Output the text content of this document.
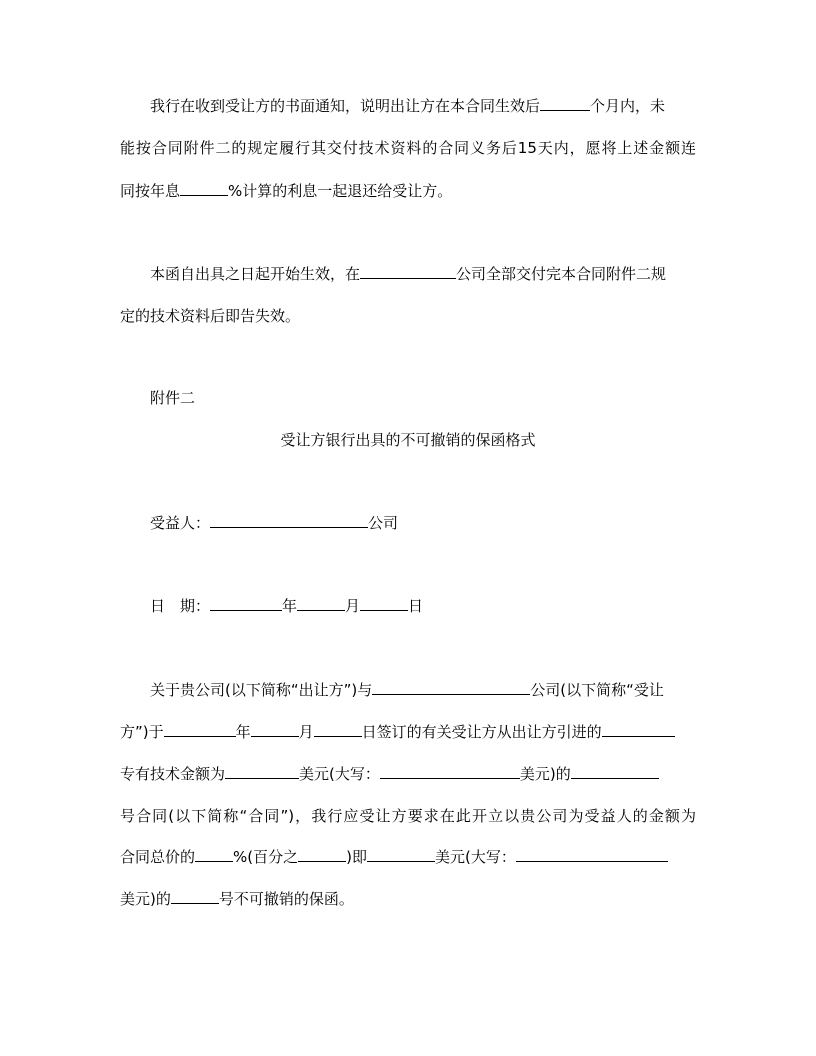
我行在收到受让方的书面通知，说明出让方在本合同生效后	个月内，未
能按合同附件二的规定履行其交付技术资料的合同义务后15天内，愿将上述金额连
同按年息	%计算的利息一起退还给受让方。
本函自出具之日起开始生效，在	公司全部交付完本合同附件二规
定的技术资料后即告失效。
附件二
受让方银行出具的不可撤销的保函格式
受益人：	公司
日　期：	年	月	日
关于贵公司(以下简称“出让方”)与	公司(以下简称“受让
方”)于	年	月	日签订的有关受让方从出让方引进的
专有技术金额为	美元(大写：	美元)的
号合同(以下简称“合同”)，我行应受让方要求在此开立以贵公司为受益人的金额为
合同总价的	%(百分之	)即	美元(大写：
美元)的	号不可撤销的保函。
